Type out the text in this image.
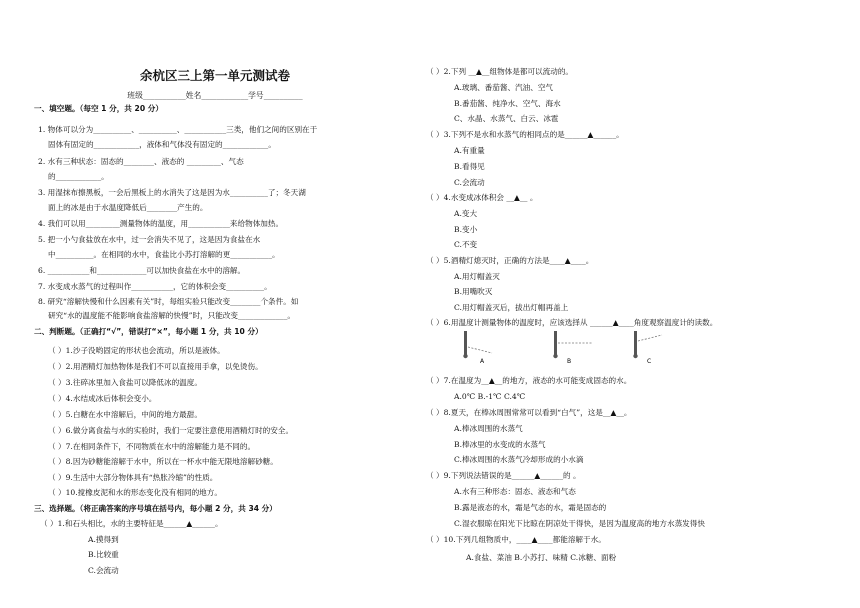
余杭区三上第一单元测试卷
班级___________姓名____________学号__________
一、填空题。（每空 1 分，共 20 分）
1. 物体可以分为__________、__________、___________三类，他们之间的区别在于
固体有固定的____________，液体和气体没有固定的____________。
2. 水有三种状态：固态的________、液态的 _________、气态
的____________。
3. 用湿抹布擦黑板，一会后黑板上的水消失了这是因为水__________了；冬天湖
面上的冰是由于水温度降低后________产生的。
4. 我们可以用_________测量物体的温度，用___________来给物体加热。
5. 把一小勺食盐放在水中，过一会消失不见了，这是因为食盐在水
中__________。在相同的水中，食盐比小苏打溶解的更___________。
6. ___________和_____________可以加快食盐在水中的溶解。
7. 水变成水蒸气的过程叫作___________，它的体积会变__________。
8. 研究“溶解快慢和什么因素有关”时，每组实验只能改变________个条件。如
研究“水的温度能不能影响食盐溶解的快慢”时，只能改变_____________。
二、判断题。（正确打“√”，错误打“×”，每小题 1 分，共 10 分）
（ ）1.沙子没哟固定的形状也会流动，所以是液体。
（ ）2.用酒精灯加热物体是我们不可以直接用手拿，以免烫伤。
（ ）3.往碎冰里加入食盐可以降低冰的温度。
（ ）4.水结成冰后体积会变小。
（ ）5.白糖在水中溶解后，中间的地方最甜。
（ ）6.做分离食盐与水的实验时，我们一定要注意使用酒精灯时的安全。
（ ）7.在相同条件下，不同物质在水中的溶解能力是不同的。
（ ）8.因为砂糖能溶解于水中，所以在一杯水中能无限地溶解砂糖。
（ ）9.生活中大部分物体具有“热胀冷缩”的性质。
（ ）10.搅橡皮泥和水的形态变化没有相同的地方。
三、选择题。（将正确答案的序号填在括号内，每小题 2 分，共 34 分）
（ ）1.和石头相比，水的主要特征是______▲______。
A.摸得到
B.比较重
C.会流动
（ ）2.下列 __▲__组物体是都可以流动的。
A.玻璃、番茄酱、汽油、空气
B.番茄酱、纯净水、空气、海水
C、水晶、水蒸气、白云、冰雹
（ ）3.下列不是水和水蒸气的相同点的是______▲______。
A.有重量
B.看得见
C.会流动
（ ）4.水变成冰体积会 __▲__ 。
A.变大
B.变小
C.不变
（ ）5.酒精灯熄灭时，正确的方法是____▲____。
A.用灯帽盖灭
B.用嘴吹灭
C.用灯帽盖灭后，拔出灯帽再盖上
（ ）6.用温度计测量物体的温度时，应该选择从 ______▲____角度观察温度计的读数。
（ ）7.在温度为__▲__的地方，液态的水可能变成固态的水。
A.0℃ B.-1℃ C.4℃
（ ）8.夏天，在棒冰周围常常可以看到“白气”，这是__▲__。
A.棒冰周围的水蒸气
B.棒冰里的水变成的水蒸气
C.棒冰周围的水蒸气冷却形成的小水滴
（ ）9.下列说法错误的是______▲______的 。
A.水有三种形态：固态、液态和气态
B.露是液态的水，霜是气态的水，霜是固态的
C.湿衣服晾在阳光下比晾在阴凉处干得快，是因为温度高的地方水蒸发得快
（ ）10.下列几组物质中，____▲____都能溶解于水。
A.食盐、菜油 B.小苏打、味精 C.冰糖、面粉
A	B	C
